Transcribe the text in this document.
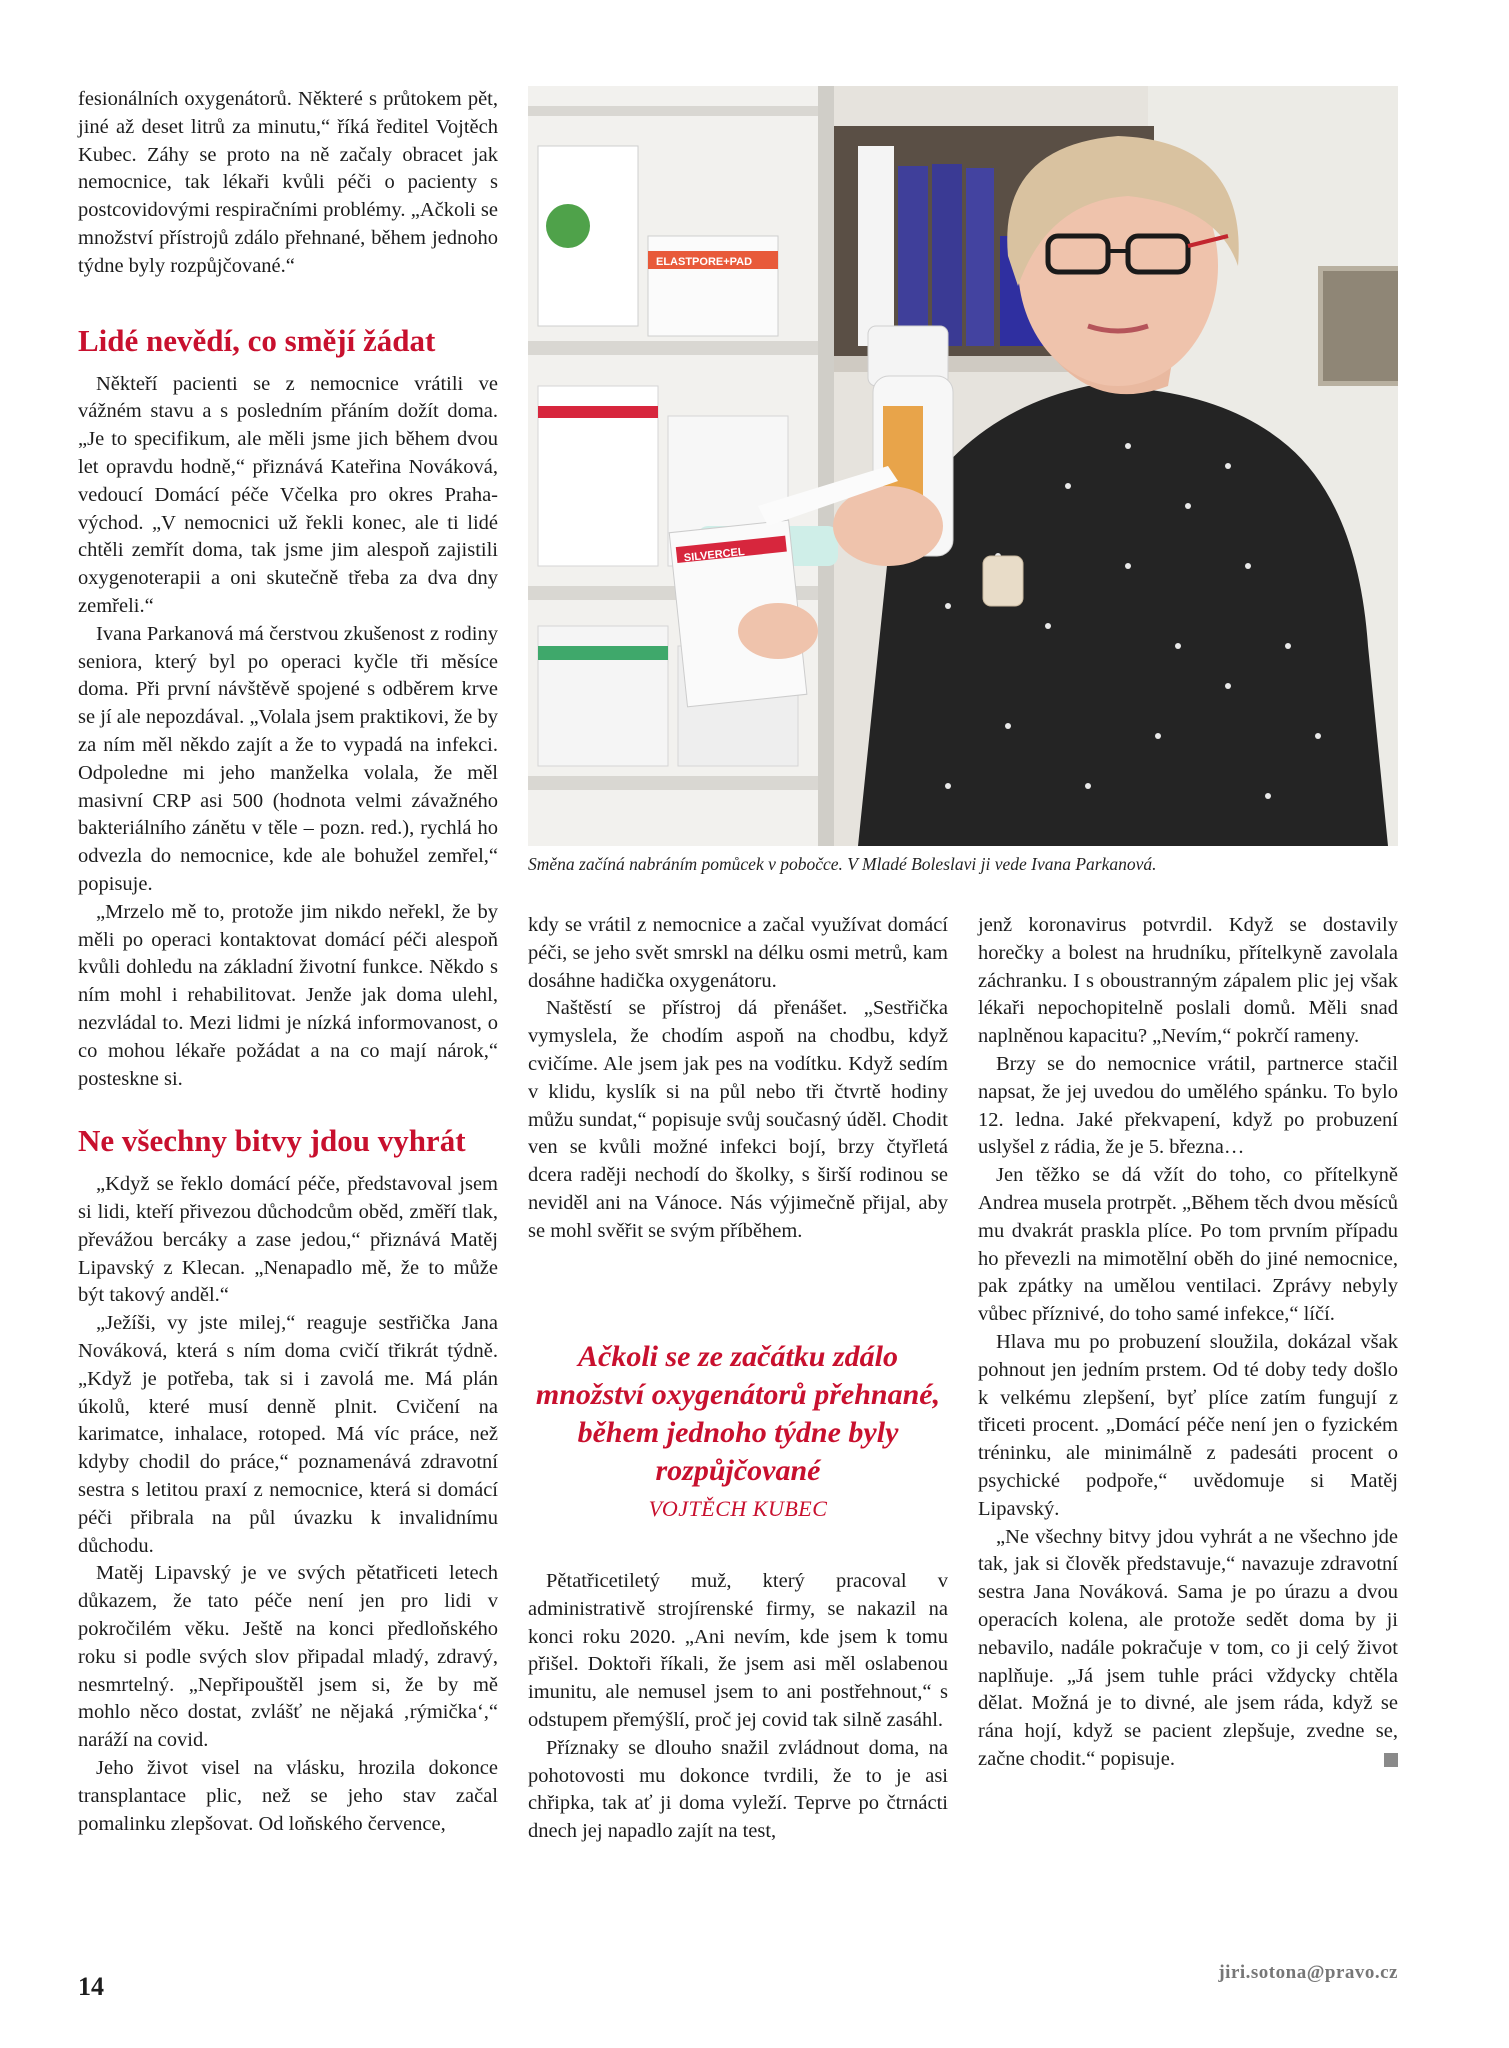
fesionálních oxygenátorů. Některé s průtokem pět, jiné až deset litrů za minutu,“ říká ředitel Vojtěch Kubec. Záhy se proto na ně začaly obracet jak nemocnice, tak lékaři kvůli péči o pacienty s postcovidovými respiračními problémy. „Ačkoli se množství přístrojů zdálo přehnané, během jednoho týdne byly rozpůjčované.“

Lidé nevědí, co smějí žádat

Někteří pacienti se z nemocnice vrátili ve vážném stavu a s posledním přáním dožít doma. „Je to specifikum, ale měli jsme jich během dvou let opravdu hodně,“ přiznává Kateřina Nováková, vedoucí Domácí péče Včelka pro okres Praha-východ. „V nemocnici už řekli konec, ale ti lidé chtěli zemřít doma, tak jsme jim alespoň zajistili oxygenoterapii a oni skutečně třeba za dva dny zemřeli.“

Ivana Parkanová má čerstvou zkušenost z rodiny seniora, který byl po operaci kyčle tři měsíce doma. Při první návštěvě spojené s odběrem krve se jí ale nepozdával. „Volala jsem praktikovi, že by za ním měl někdo zajít a že to vypadá na infekci. Odpoledne mi jeho manželka volala, že měl masivní CRP asi 500 (hodnota velmi závažného bakteriálního zánětu v těle – pozn. red.), rychlá ho odvezla do nemocnice, kde ale bohužel zemřel,“ popisuje.

„Mrzelo mě to, protože jim nikdo neřekl, že by měli po operaci kontaktovat domácí péči alespoň kvůli dohledu na základní životní funkce. Někdo s ním mohl i rehabilitovat. Jenže jak doma ulehl, nezvládal to. Mezi lidmi je nízká informovanost, o co mohou lékaře požádat a na co mají nárok,“ posteskne si.

Ne všechny bitvy jdou vyhrát

„Když se řeklo domácí péče, představoval jsem si lidi, kteří přivezou důchodcům oběd, změří tlak, převážou bercáky a zase jedou,“ přiznává Matěj Lipavský z Klecan. „Nenapadlo mě, že to může být takový anděl.“

„Ježíši, vy jste milej,“ reaguje sestřička Jana Nováková, která s ním doma cvičí třikrát týdně. „Když je potřeba, tak si i zavolá me. Má plán úkolů, které musí denně plnit. Cvičení na karimatce, inhalace, rotoped. Má víc práce, než kdyby chodil do práce,“ poznamenává zdravotní sestra s letitou praxí z nemocnice, která si domácí péči přibrala na půl úvazku k invalidnímu důchodu.

Matěj Lipavský je ve svých pětatřiceti letech důkazem, že tato péče není jen pro lidi v pokročilém věku. Ještě na konci předloňského roku si podle svých slov připadal mladý, zdravý, nesmrtelný. „Nepřipouštěl jsem si, že by mě mohlo něco dostat, zvlášť ne nějaká ‚rýmička‘,“ naráží na covid.

Jeho život visel na vlásku, hrozila dokonce transplantace plic, než se jeho stav začal pomalinku zlepšovat. Od loňského července,

ELASTPORE+PAD
SILVERCEL
Směna začíná nabráním pomůcek v pobočce. V Mladé Boleslavi ji vede Ivana Parkanová.

kdy se vrátil z nemocnice a začal využívat domácí péči, se jeho svět smrskl na délku osmi metrů, kam dosáhne hadička oxygenátoru.

Naštěstí se přístroj dá přenášet. „Sestřička vymyslela, že chodím aspoň na chodbu, když cvičíme. Ale jsem jak pes na vodítku. Když sedím v klidu, kyslík si na půl nebo tři čtvrtě hodiny můžu sundat,“ popisuje svůj současný úděl. Chodit ven se kvůli možné infekci bojí, brzy čtyřletá dcera raději nechodí do školky, s širší rodinou se neviděl ani na Vánoce. Nás výjimečně přijal, aby se mohl svěřit se svým příběhem.

Ačkoli se ze začátku zdálo množství oxygenátorů přehnané, během jednoho týdne byly rozpůjčované
VOJTĚCH KUBEC

Pětatřicetiletý muž, který pracoval v administrativě strojírenské firmy, se nakazil na konci roku 2020. „Ani nevím, kde jsem k tomu přišel. Doktoři říkali, že jsem asi měl oslabenou imunitu, ale nemusel jsem to ani postřehnout,“ s odstupem přemýšlí, proč jej covid tak silně zasáhl.

Příznaky se dlouho snažil zvládnout doma, na pohotovosti mu dokonce tvrdili, že to je asi chřipka, tak ať ji doma vyleží. Teprve po čtrnácti dnech jej napadlo zajít na test,

jenž koronavirus potvrdil. Když se dostavily horečky a bolest na hrudníku, přítelkyně zavolala záchranku. I s oboustranným zápalem plic jej však lékaři nepochopitelně poslali domů. Měli snad naplněnou kapacitu? „Nevím,“ pokrčí rameny.

Brzy se do nemocnice vrátil, partnerce stačil napsat, že jej uvedou do umělého spánku. To bylo 12. ledna. Jaké překvapení, když po probuzení uslyšel z rádia, že je 5. března…

Jen těžko se dá vžít do toho, co přítelkyně Andrea musela protrpět. „Během těch dvou měsíců mu dvakrát praskla plíce. Po tom prvním případu ho převezli na mimotělní oběh do jiné nemocnice, pak zpátky na umělou ventilaci. Zprávy nebyly vůbec příznivé, do toho samé infekce,“ líčí.

Hlava mu po probuzení sloužila, dokázal však pohnout jen jedním prstem. Od té doby tedy došlo k velkému zlepšení, byť plíce zatím fungují z třiceti procent. „Domácí péče není jen o fyzickém tréninku, ale minimálně z padesáti procent o psychické podpoře,“ uvědomuje si Matěj Lipavský.

„Ne všechny bitvy jdou vyhrát a ne všechno jde tak, jak si člověk představuje,“ navazuje zdravotní sestra Jana Nováková. Sama je po úrazu a dvou operacích kolena, ale protože sedět doma by ji nebavilo, nadále pokračuje v tom, co ji celý život naplňuje. „Já jsem tuhle práci vždycky chtěla dělat. Možná je to divné, ale jsem ráda, když se rána hojí, když se pacient zlepšuje, zvedne se, začne chodit.“ popisuje.

jiri.sotona@pravo.cz
14
